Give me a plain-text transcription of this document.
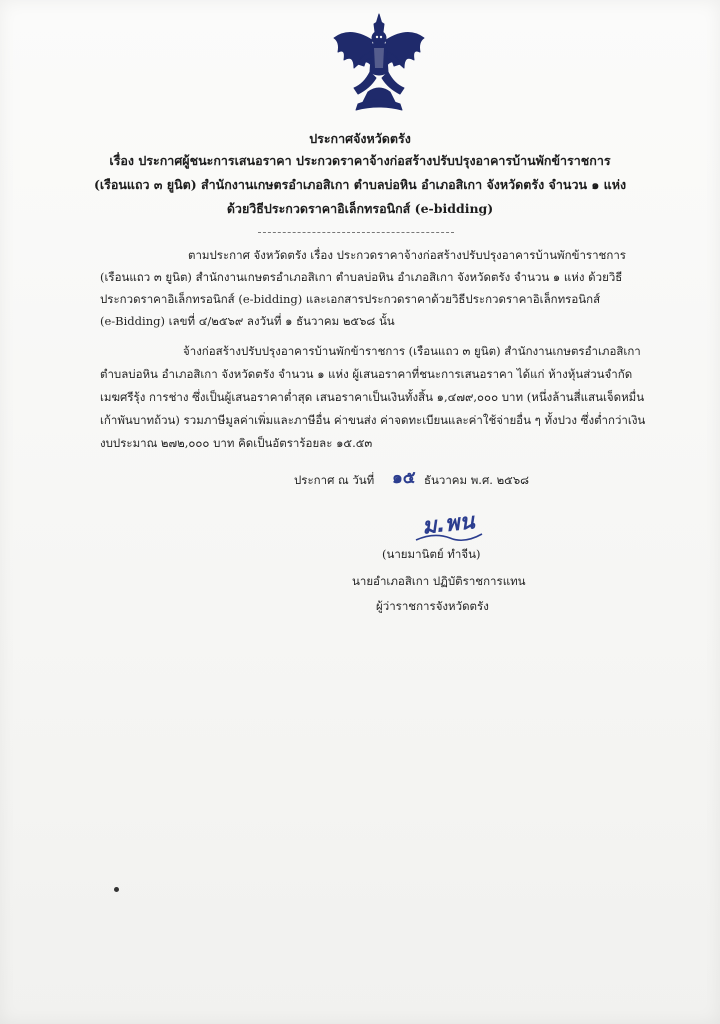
ประกาศจังหวัดตรัง
เรื่อง ประกาศผู้ชนะการเสนอราคา ประกวดราคาจ้างก่อสร้างปรับปรุงอาคารบ้านพักข้าราชการ
(เรือนแถว ๓ ยูนิต) สำนักงานเกษตรอำเภอสิเกา ตำบลบ่อหิน อำเภอสิเกา จังหวัดตรัง จำนวน ๑ แห่ง
ด้วยวิธีประกวดราคาอิเล็กทรอนิกส์ (e-bidding)
ตามประกาศ จังหวัดตรัง เรื่อง ประกวดราคาจ้างก่อสร้างปรับปรุงอาคารบ้านพักข้าราชการ
(เรือนแถว ๓ ยูนิต) สำนักงานเกษตรอำเภอสิเกา ตำบลบ่อหิน อำเภอสิเกา จังหวัดตรัง จำนวน ๑ แห่ง ด้วยวิธี
ประกวดราคาอิเล็กทรอนิกส์ (e-bidding) และเอกสารประกวดราคาด้วยวิธีประกวดราคาอิเล็กทรอนิกส์
(e-Bidding) เลขที่ ๔/๒๕๖๙ ลงวันที่ ๑ ธันวาคม ๒๕๖๘ นั้น
จ้างก่อสร้างปรับปรุงอาคารบ้านพักข้าราชการ (เรือนแถว ๓ ยูนิต) สำนักงานเกษตรอำเภอสิเกา
ตำบลบ่อหิน อำเภอสิเกา จังหวัดตรัง จำนวน ๑ แห่ง ผู้เสนอราคาที่ชนะการเสนอราคา ได้แก่ ห้างหุ้นส่วนจำกัด
เมฆศรีรุ้ง การช่าง ซึ่งเป็นผู้เสนอราคาต่ำสุด เสนอราคาเป็นเงินทั้งสิ้น ๑,๔๗๙,๐๐๐ บาท (หนึ่งล้านสี่แสนเจ็ดหมื่น
เก้าพันบาทถ้วน) รวมภาษีมูลค่าเพิ่มและภาษีอื่น ค่าขนส่ง ค่าจดทะเบียนและค่าใช้จ่ายอื่น ๆ ทั้งปวง ซึ่งต่ำกว่าเงิน
งบประมาณ ๒๗๒,๐๐๐ บาท คิดเป็นอัตราร้อยละ ๑๕.๕๓
ประกาศ ณ วันที่ ๑๕ ธันวาคม พ.ศ. ๒๕๖๘
ม.พน
(นายมานิตย์ ทำจีน)
นายอำเภอสิเกา ปฏิบัติราชการแทน
ผู้ว่าราชการจังหวัดตรัง
